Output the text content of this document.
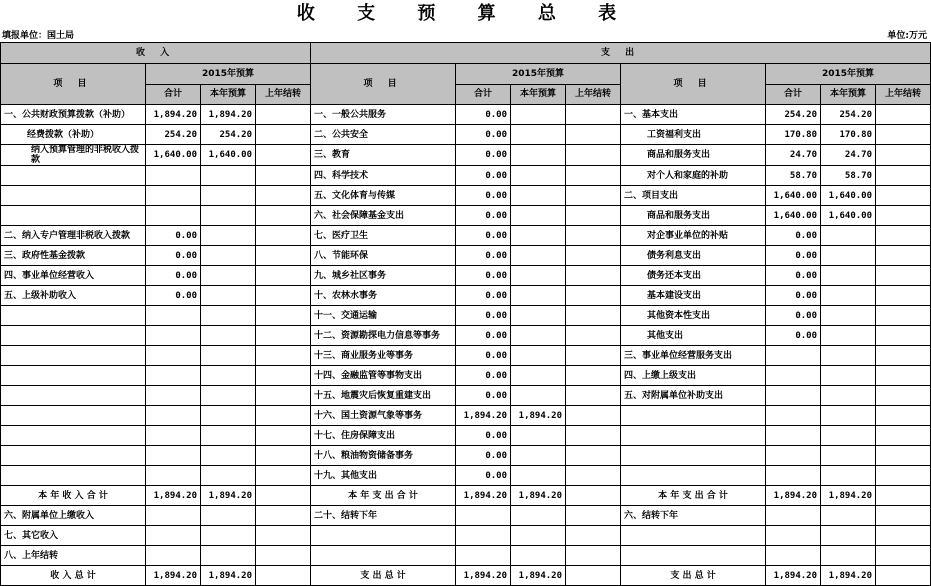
收 支 预 算 总 表
填报单位：国土局	单位:万元
收 入				支 出							
项 目	2015年预算			项 目	2015年预算			项 目	2015年预算		
	合计	本年预算	上年结转		合计	本年预算	上年结转		合计	本年预算	上年结转
一、公共财政预算拨款（补助）	1,894.20	1,894.20		一、一般公共服务	0.00			一、基本支出	254.20	254.20	
经费拨款（补助）	254.20	254.20		二、公共安全	0.00			工资福利支出	170.80	170.80	
纳入预算管理的非税收入拨款	1,640.00	1,640.00		三、教育	0.00			商品和服务支出	24.70	24.70	
				四、科学技术	0.00			对个人和家庭的补助	58.70	58.70	
				五、文化体育与传媒	0.00			二、项目支出	1,640.00	1,640.00	
				六、社会保障基金支出	0.00			商品和服务支出	1,640.00	1,640.00	
二、纳入专户管理非税收入拨款	0.00			七、医疗卫生	0.00			对企事业单位的补贴	0.00		
三、政府性基金拨款	0.00			八、节能环保	0.00			债务利息支出	0.00		
四、事业单位经营收入	0.00			九、城乡社区事务	0.00			债务还本支出	0.00		
五、上级补助收入	0.00			十、农林水事务	0.00			基本建设支出	0.00		
				十一、交通运输	0.00			其他资本性支出	0.00		
				十二、资源勘探电力信息等事务	0.00			其他支出	0.00		
				十三、商业服务业等事务	0.00			三、事业单位经营服务支出			
				十四、金融监管等事物支出	0.00			四、上缴上级支出			
				十五、地震灾后恢复重建支出	0.00			五、对附属单位补助支出			
				十六、国土资源气象等事务	1,894.20	1,894.20					
				十七、住房保障支出	0.00						
				十八、粮油物资储备事务	0.00						
				十九、其他支出	0.00						
本 年 收 入 合 计	1,894.20	1,894.20		本 年 支 出 合 计	1,894.20	1,894.20		本 年 支 出 合 计	1,894.20	1,894.20	
六、附属单位上缴收入				二十、结转下年				六、结转下年			
七、其它收入											
八、上年结转											
收 入 总 计	1,894.20	1,894.20		支 出 总 计	1,894.20	1,894.20		支 出 总 计	1,894.20	1,894.20	
